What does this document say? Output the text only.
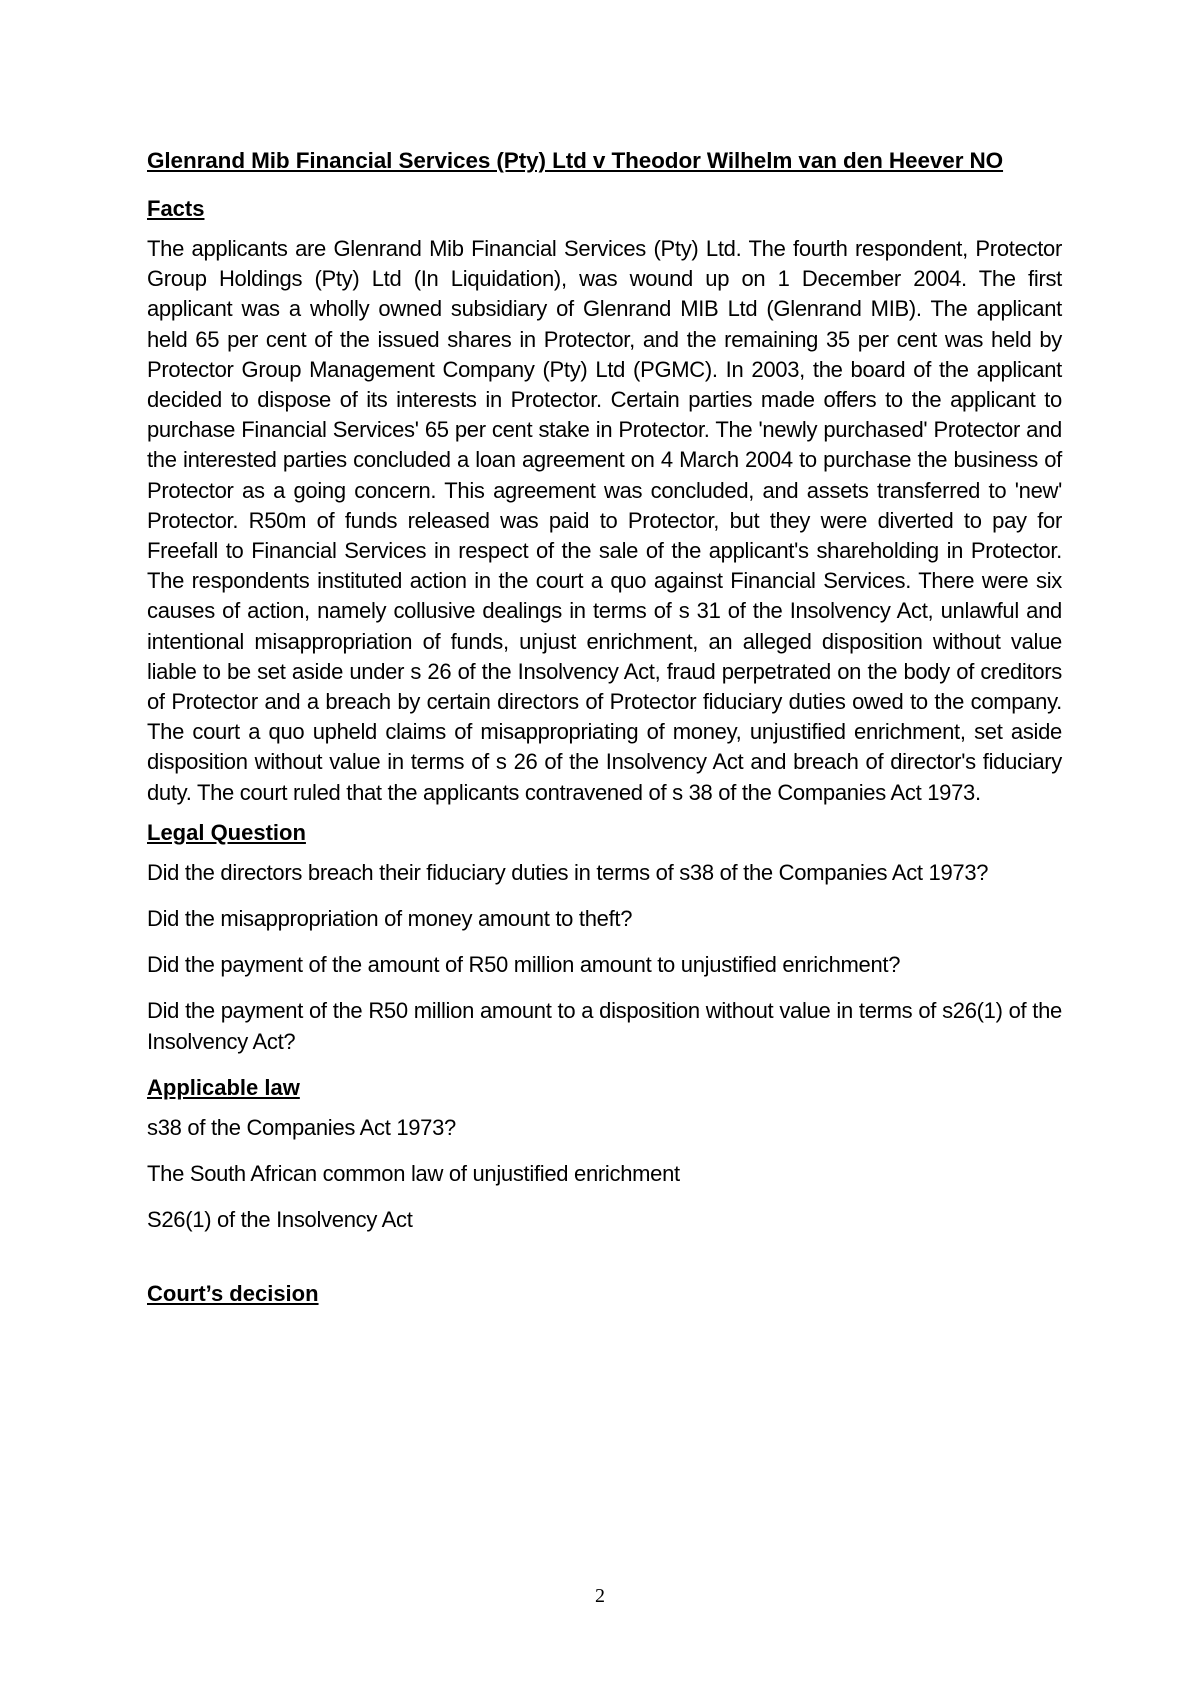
Glenrand Mib Financial Services (Pty) Ltd v Theodor Wilhelm van den Heever NO
Facts
The applicants are Glenrand Mib Financial Services (Pty) Ltd. The fourth respondent, Protector Group Holdings (Pty) Ltd (In Liquidation), was wound up on 1 December 2004. The first applicant was a wholly owned subsidiary of Glenrand MIB Ltd (Glenrand MIB). The applicant held 65 per cent of the issued shares in Protector, and the remaining 35 per cent was held by Protector Group Management Company (Pty) Ltd (PGMC). In 2003, the board of the applicant decided to dispose of its interests in Protector. Certain parties made offers to the applicant to purchase Financial Services' 65 per cent stake in Protector. The 'newly purchased' Protector and the interested parties concluded a loan agreement on 4 March 2004 to purchase the business of Protector as a going concern. This agreement was concluded, and assets transferred to 'new' Protector. R50m of funds released was paid to Protector, but they were diverted to pay for Freefall to Financial Services in respect of the sale of the applicant's shareholding in Protector. The respondents instituted action in the court a quo against Financial Services. There were six causes of action, namely collusive dealings in terms of s 31 of the Insolvency Act, unlawful and intentional misappropriation of funds, unjust enrichment, an alleged disposition without value liable to be set aside under s 26 of the Insolvency Act, fraud perpetrated on the body of creditors of Protector and a breach by certain directors of Protector fiduciary duties owed to the company. The court a quo upheld claims of misappropriating of money, unjustified enrichment, set aside disposition without value in terms of s 26 of the Insolvency Act and breach of director's fiduciary duty. The court ruled that the applicants contravened of s 38 of the Companies Act 1973.
Legal Question
Did the directors breach their fiduciary duties in terms of s38 of the Companies Act 1973?
Did the misappropriation of money amount to theft?
Did the payment of the amount of R50 million amount to unjustified enrichment?
Did the payment of the R50 million amount to a disposition without value in terms of s26(1) of the Insolvency Act?
Applicable law
s38 of the Companies Act 1973?
The South African common law of unjustified enrichment
S26(1) of the Insolvency Act
Court’s decision
2
